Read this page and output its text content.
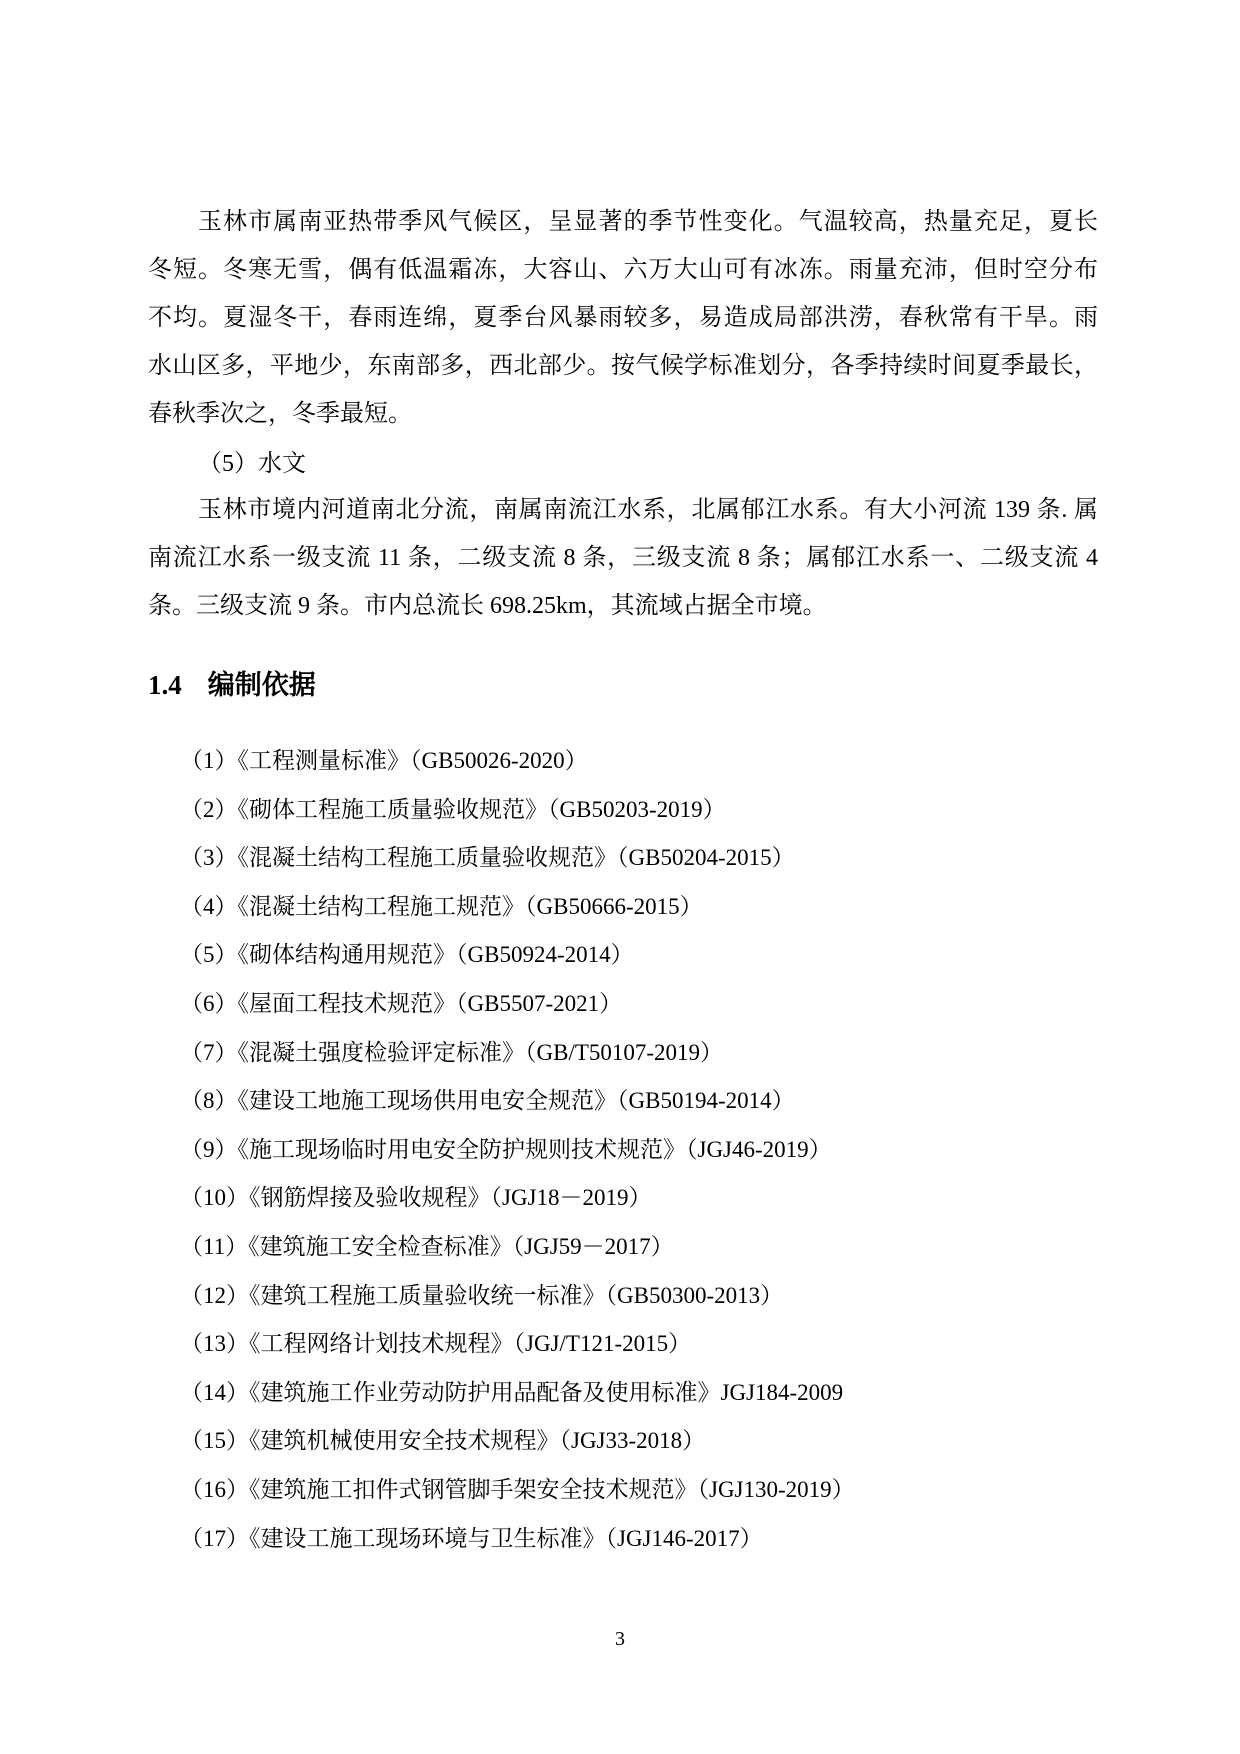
玉林市属南亚热带季风气候区，呈显著的季节性变化。气温较高，热量充足，夏长
冬短。冬寒无雪，偶有低温霜冻，大容山、六万大山可有冰冻。雨量充沛，但时空分布
不均。夏湿冬干，春雨连绵，夏季台风暴雨较多，易造成局部洪涝，春秋常有干旱。雨
水山区多，平地少，东南部多，西北部少。按气候学标准划分，各季持续时间夏季最长，
春秋季次之，冬季最短。
（5）水文
玉林市境内河道南北分流，南属南流江水系，北属郁江水系。有大小河流 139 条. 属
南流江水系一级支流 11 条，二级支流 8 条，三级支流 8 条；属郁江水系一、二级支流 4
条。三级支流 9 条。市内总流长 698.25km，其流域占据全市境。
1.4 编制依据
（1）《工程测量标准》（GB50026-2020）
（2）《砌体工程施工质量验收规范》（GB50203-2019）
（3）《混凝土结构工程施工质量验收规范》（GB50204-2015）
（4）《混凝土结构工程施工规范》（GB50666-2015）
（5）《砌体结构通用规范》（GB50924-2014）
（6）《屋面工程技术规范》（GB5507-2021）
（7）《混凝土强度检验评定标准》（GB/T50107-2019）
（8）《建设工地施工现场供用电安全规范》（GB50194-2014）
（9）《施工现场临时用电安全防护规则技术规范》（JGJ46-2019）
（10）《钢筋焊接及验收规程》（JGJ18－2019）
（11）《建筑施工安全检查标准》（JGJ59－2017）
（12）《建筑工程施工质量验收统一标准》（GB50300-2013）
（13）《工程网络计划技术规程》（JGJ/T121-2015）
（14）《建筑施工作业劳动防护用品配备及使用标准》JGJ184-2009
（15）《建筑机械使用安全技术规程》（JGJ33-2018）
（16）《建筑施工扣件式钢管脚手架安全技术规范》（JGJ130-2019）
（17）《建设工施工现场环境与卫生标准》（JGJ146-2017）
3
